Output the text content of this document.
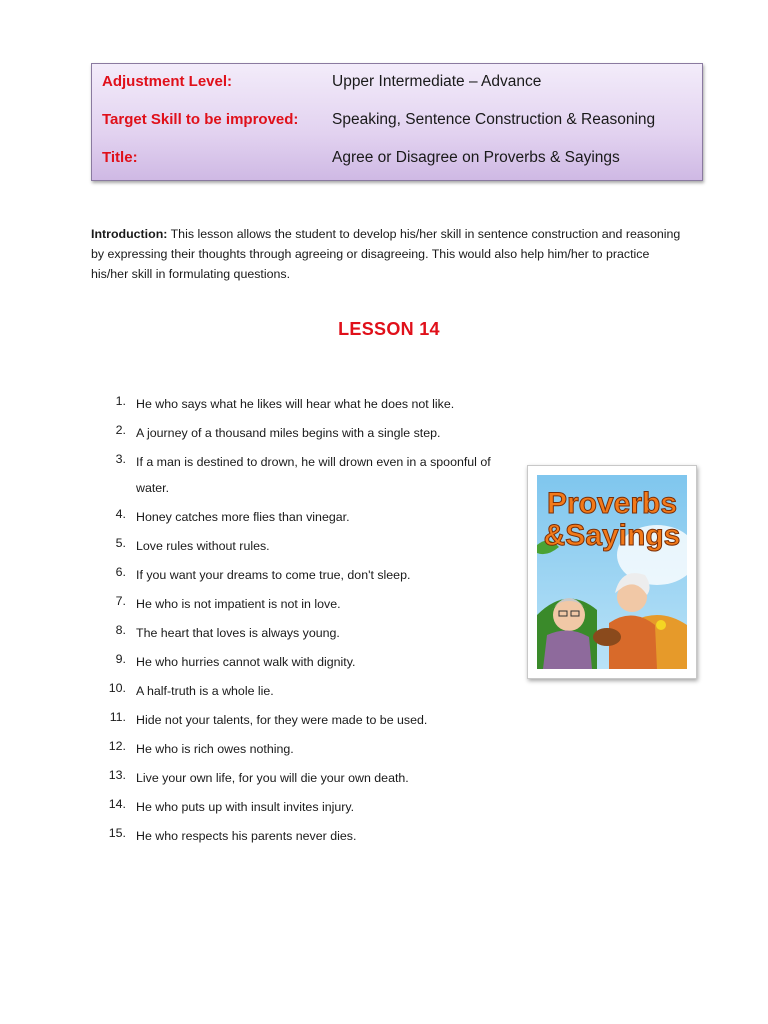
Adjustment Level:	Upper Intermediate – Advance
Target Skill to be improved: Speaking, Sentence Construction & Reasoning
Title:	Agree or Disagree on Proverbs & Sayings
Introduction: This lesson allows the student to develop his/her skill in sentence construction and reasoning by expressing their thoughts through agreeing or disagreeing. This would also help him/her to practice his/her skill in formulating questions.
LESSON 14
1. He who says what he likes will hear what he does not like.
2. A journey of a thousand miles begins with a single step.
3. If a man is destined to drown, he will drown even in a spoonful of water.
4. Honey catches more flies than vinegar.
5. Love rules without rules.
6. If you want your dreams to come true, don't sleep.
7. He who is not impatient is not in love.
8. The heart that loves is always young.
9. He who hurries cannot walk with dignity.
10. A half-truth is a whole lie.
11. Hide not your talents, for they were made to be used.
12. He who is rich owes nothing.
13. Live your own life, for you will die your own death.
14. He who puts up with insult invites injury.
15. He who respects his parents never dies.
Proverbs
&Sayings
